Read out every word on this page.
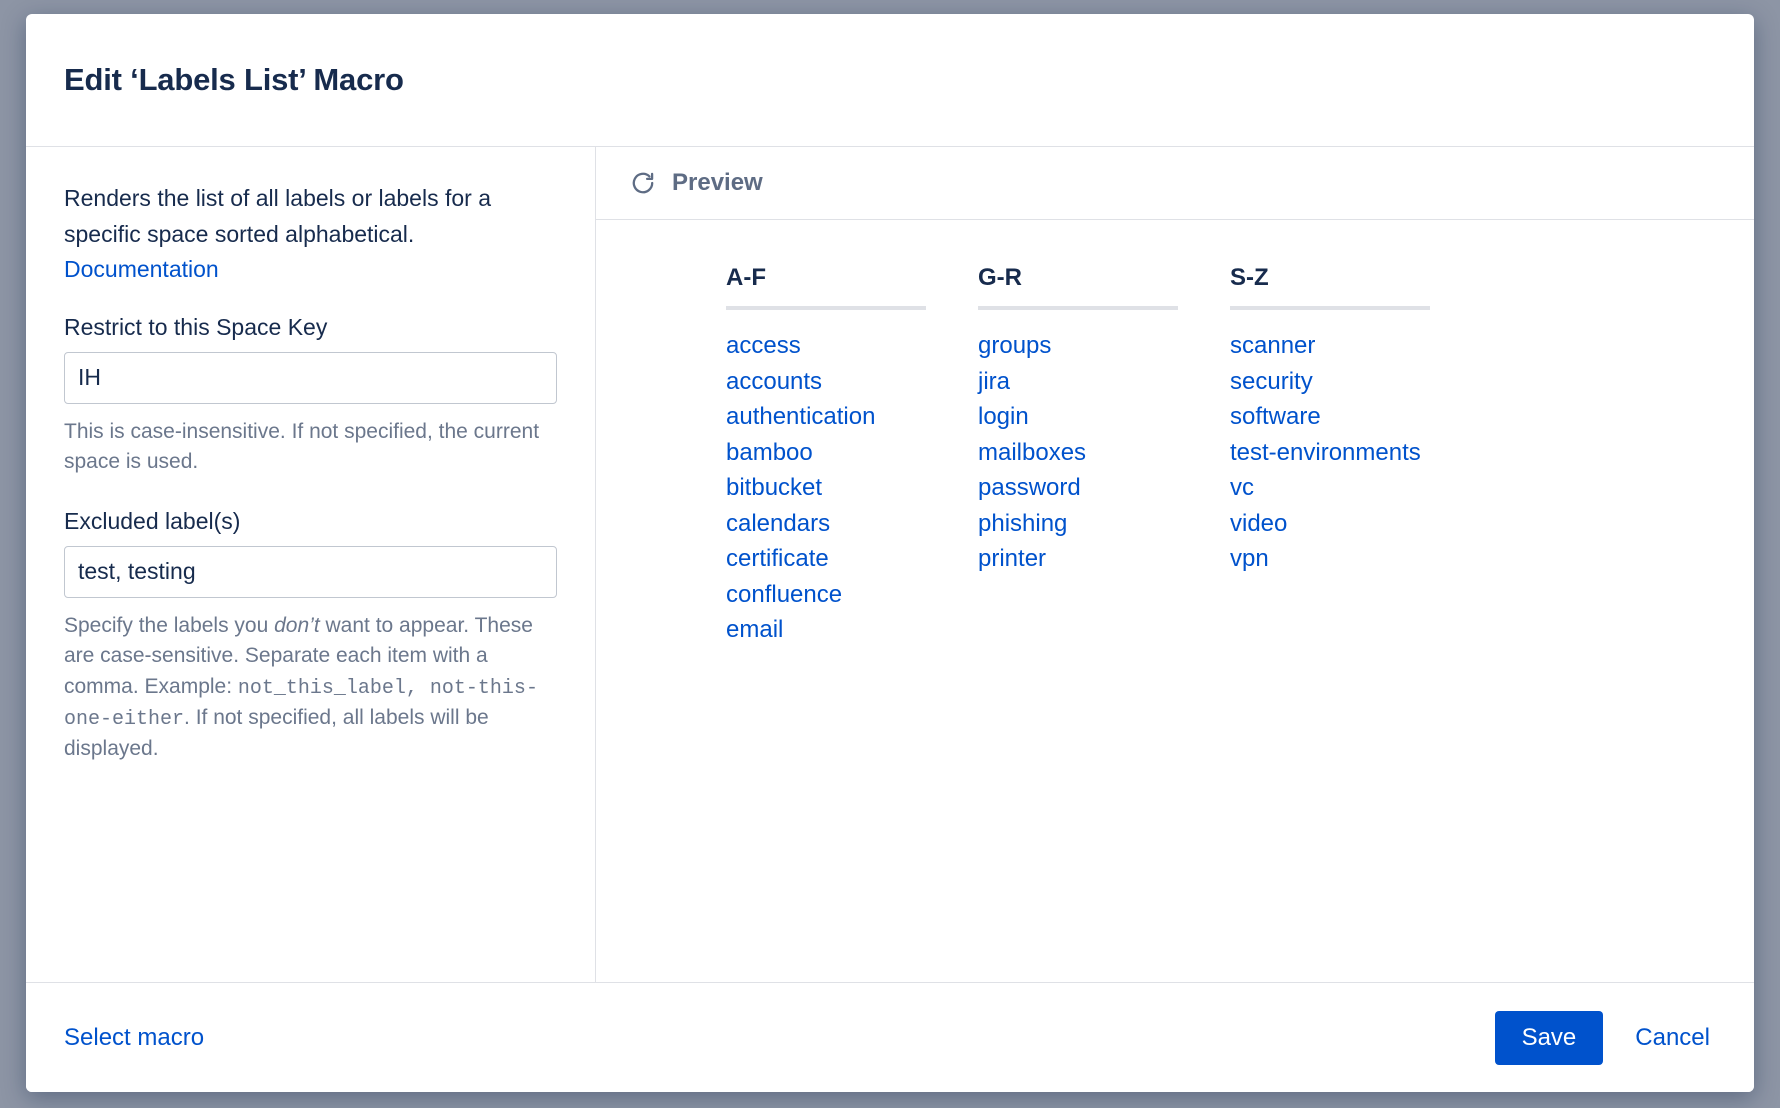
Edit ‘Labels List’ Macro

Renders the list of all labels or labels for a specific space sorted alphabetical. Documentation

Restrict to this Space Key
IH
This is case-insensitive. If not specified, the current space is used.
Excluded label(s)
test, testing
Specify the labels you don’t want to appear. These are case-sensitive. Separate each item with a comma. Example: not_this_label, not-this-one-either. If not specified, all labels will be displayed.
Preview
A-F
access
accounts
authentication
bamboo
bitbucket
calendars
certificate
confluence
email
G-R
groups
jira
login
mailboxes
password
phishing
printer
S-Z
scanner
security
software
test-environments
vc
video
vpn
Select macro	Save	Cancel
